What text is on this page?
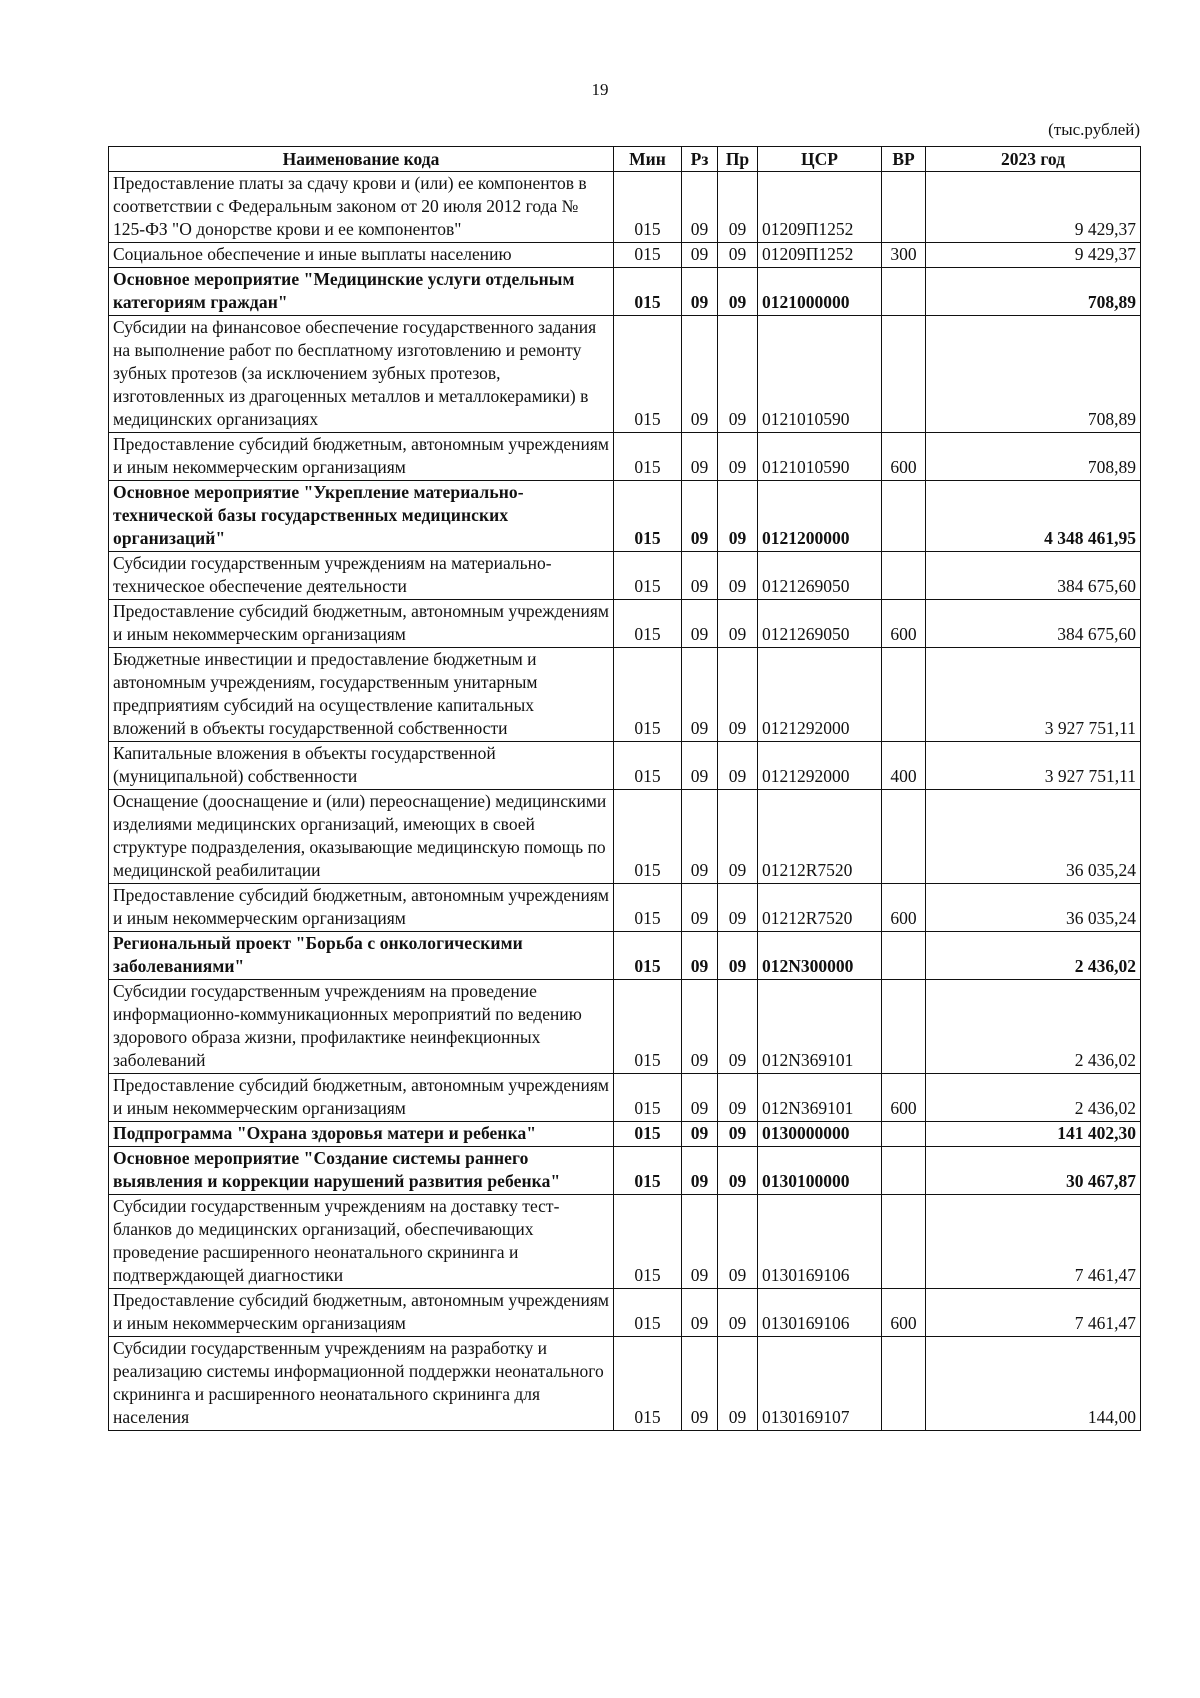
19
(тыс.рублей)
Наименование кода	Мин	Рз	Пр	ЦСР	ВР	2023 год
Предоставление платы за сдачу крови и (или) ее компонентов в соответствии с Федеральным законом от 20 июля 2012 года № 125-ФЗ "О донорстве крови и ее компонентов"	015	09	09	01209П1252		9 429,37
Социальное обеспечение и иные выплаты населению	015	09	09	01209П1252	300	9 429,37
Основное мероприятие "Медицинские услуги отдельным категориям граждан"	015	09	09	0121000000		708,89
Субсидии на финансовое обеспечение государственного задания на выполнение работ по бесплатному изготовлению и ремонту зубных протезов (за исключением зубных протезов, изготовленных из драгоценных металлов и металлокерамики) в медицинских организациях	015	09	09	0121010590		708,89
Предоставление субсидий бюджетным, автономным учреждениям и иным некоммерческим организациям	015	09	09	0121010590	600	708,89
Основное мероприятие "Укрепление материально-технической базы государственных медицинских организаций"	015	09	09	0121200000		4 348 461,95
Субсидии государственным учреждениям на материально-техническое обеспечение деятельности	015	09	09	0121269050		384 675,60
Предоставление субсидий бюджетным, автономным учреждениям и иным некоммерческим организациям	015	09	09	0121269050	600	384 675,60
Бюджетные инвестиции и предоставление бюджетным и автономным учреждениям, государственным унитарным предприятиям субсидий на осуществление капитальных вложений в объекты государственной собственности	015	09	09	0121292000		3 927 751,11
Капитальные вложения в объекты государственной (муниципальной) собственности	015	09	09	0121292000	400	3 927 751,11
Оснащение (дооснащение и (или) переоснащение) медицинскими изделиями медицинских организаций, имеющих в своей структуре подразделения, оказывающие медицинскую помощь по медицинской реабилитации	015	09	09	01212R7520		36 035,24
Предоставление субсидий бюджетным, автономным учреждениям и иным некоммерческим организациям	015	09	09	01212R7520	600	36 035,24
Региональный проект "Борьба с онкологическими заболеваниями"	015	09	09	012N300000		2 436,02
Субсидии государственным учреждениям на проведение информационно-коммуникационных мероприятий по ведению здорового образа жизни, профилактике неинфекционных заболеваний	015	09	09	012N369101		2 436,02
Предоставление субсидий бюджетным, автономным учреждениям и иным некоммерческим организациям	015	09	09	012N369101	600	2 436,02
Подпрограмма "Охрана здоровья матери и ребенка"	015	09	09	0130000000		141 402,30
Основное мероприятие "Создание системы раннего выявления и коррекции нарушений развития ребенка"	015	09	09	0130100000		30 467,87
Субсидии государственным учреждениям на доставку тест-бланков до медицинских организаций, обеспечивающих проведение расширенного неонатального скрининга и подтверждающей диагностики	015	09	09	0130169106		7 461,47
Предоставление субсидий бюджетным, автономным учреждениям и иным некоммерческим организациям	015	09	09	0130169106	600	7 461,47
Субсидии государственным учреждениям на разработку и реализацию системы информационной поддержки неонатального скрининга и расширенного неонатального скрининга для населения	015	09	09	0130169107		144,00
